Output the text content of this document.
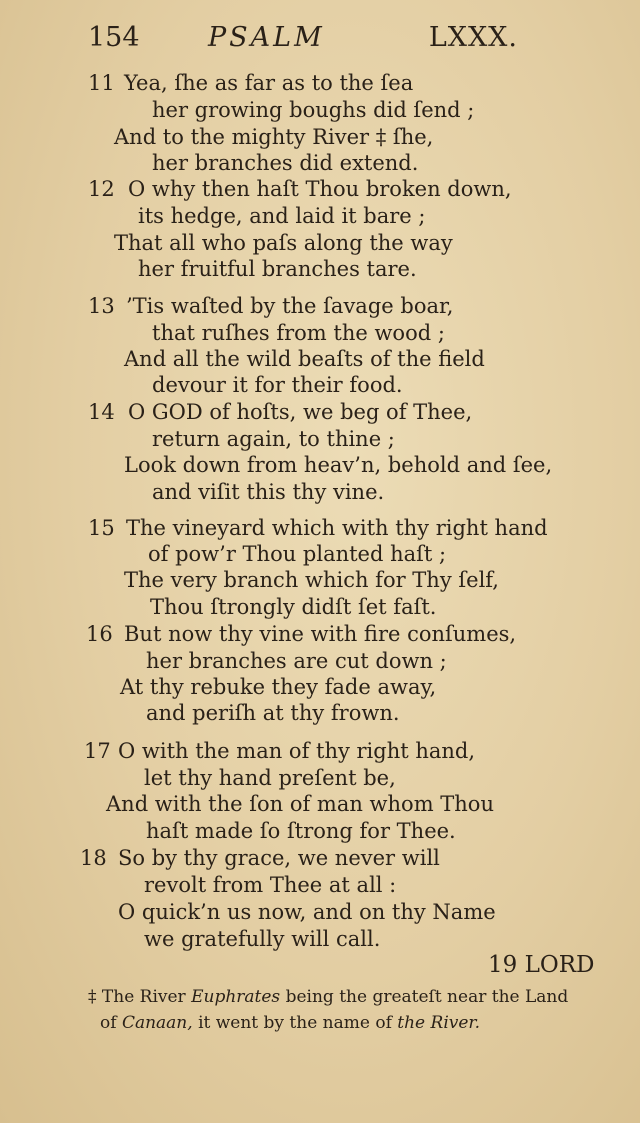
154	PSALM	LXXX.
11 Yea, ſhe as far as to the ſea
her growing boughs did ſend ;
And to the mighty River ‡ ſhe,
her branches did extend.
12 O why then haſt Thou broken down,
its hedge, and laid it bare ;
That all who paſs along the way
her fruitful branches tare.
13 ’Tis waſted by the ſavage boar,
that ruſhes from the wood ;
And all the wild beaſts of the field
devour it for their food.
14 O GOD of hoſts, we beg of Thee,
return again, to thine ;
Look down from heav’n, behold and ſee,
and viſit this thy vine.
15 The vineyard which with thy right hand
of pow’r Thou planted haſt ;
The very branch which for Thy ſelf,
Thou ſtrongly didſt ſet faſt.
16 But now thy vine with fire conſumes,
her branches are cut down ;
At thy rebuke they fade away,
and periſh at thy frown.
17 O with the man of thy right hand,
let thy hand preſent be,
And with the ſon of man whom Thou
haſt made ſo ſtrong for Thee.
18 So by thy grace, we never will
revolt from Thee at all :
O quick’n us now, and on thy Name
we gratefully will call.
19 LORD
‡ The River Euphrates being the greateſt near the Land
of Canaan, it went by the name of the River.
